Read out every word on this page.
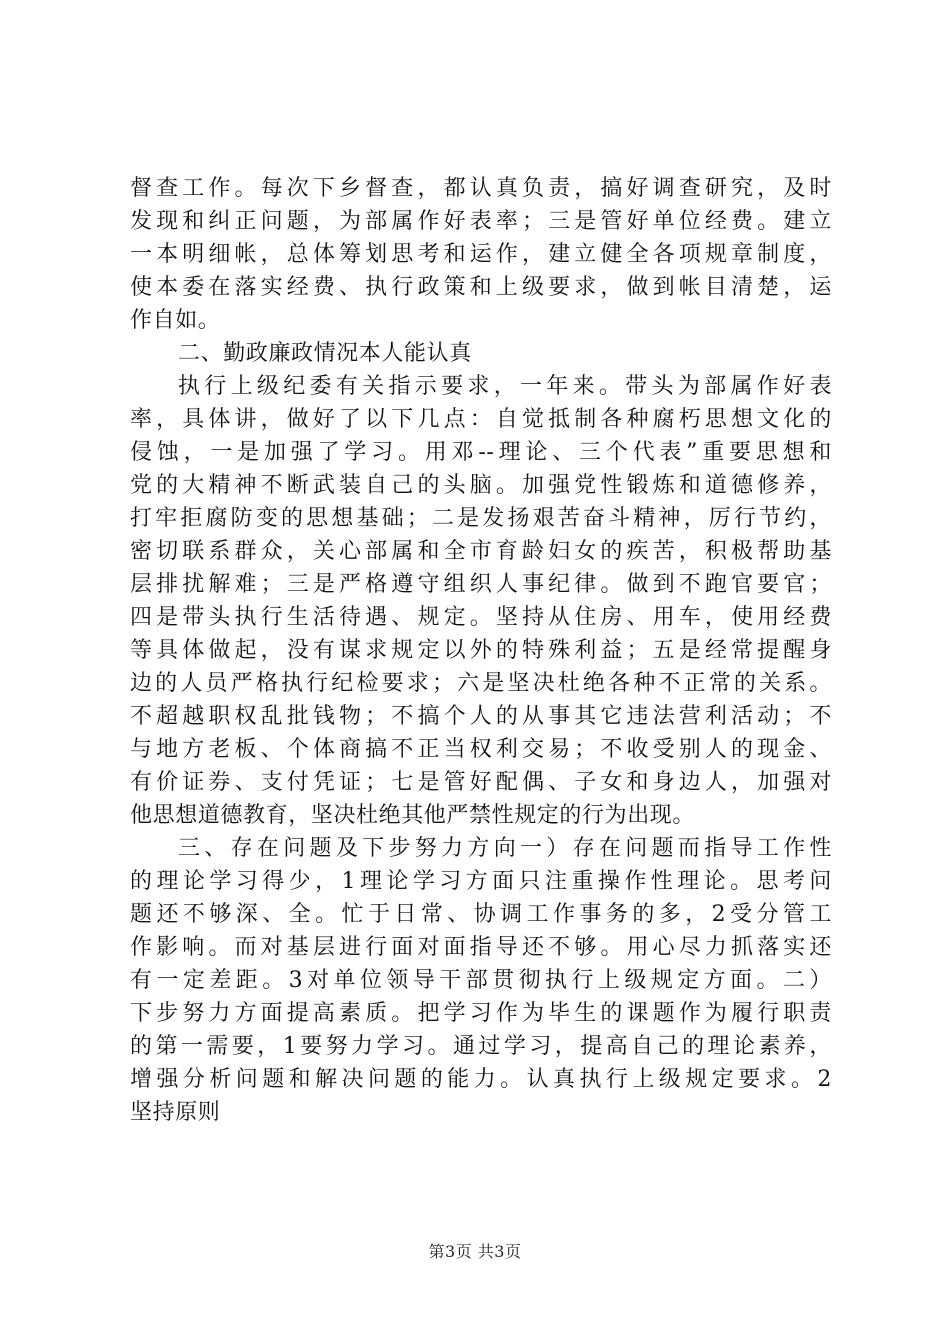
督查工作。每次下乡督查，都认真负责，搞好调查研究，及时
发现和纠正问题，为部属作好表率；三是管好单位经费。建立
一本明细帐，总体筹划思考和运作，建立健全各项规章制度，
使本委在落实经费、执行政策和上级要求，做到帐目清楚，运
作自如。
二、勤政廉政情况本人能认真
执行上级纪委有关指示要求，一年来。带头为部属作好表
率，具体讲，做好了以下几点：自觉抵制各种腐朽思想文化的
侵蚀，一是加强了学习。用邓--理论、三个代表”重要思想和
党的大精神不断武装自己的头脑。加强党性锻炼和道德修养，
打牢拒腐防变的思想基础；二是发扬艰苦奋斗精神，厉行节约，
密切联系群众，关心部属和全市育龄妇女的疾苦，积极帮助基
层排扰解难；三是严格遵守组织人事纪律。做到不跑官要官；
四是带头执行生活待遇、规定。坚持从住房、用车，使用经费
等具体做起，没有谋求规定以外的特殊利益；五是经常提醒身
边的人员严格执行纪检要求；六是坚决杜绝各种不正常的关系。
不超越职权乱批钱物；不搞个人的从事其它违法营利活动；不
与地方老板、个体商搞不正当权利交易；不收受别人的现金、
有价证券、支付凭证；七是管好配偶、子女和身边人，加强对
他思想道德教育，坚决杜绝其他严禁性规定的行为出现。
三、存在问题及下步努力方向一）存在问题而指导工作性
的理论学习得少，1理论学习方面只注重操作性理论。思考问
题还不够深、全。忙于日常、协调工作事务的多，2受分管工
作影响。而对基层进行面对面指导还不够。用心尽力抓落实还
有一定差距。3对单位领导干部贯彻执行上级规定方面。二）
下步努力方面提高素质。把学习作为毕生的课题作为履行职责
的第一需要，1要努力学习。通过学习，提高自己的理论素养，
增强分析问题和解决问题的能力。认真执行上级规定要求。2
坚持原则
第3页 共3页
